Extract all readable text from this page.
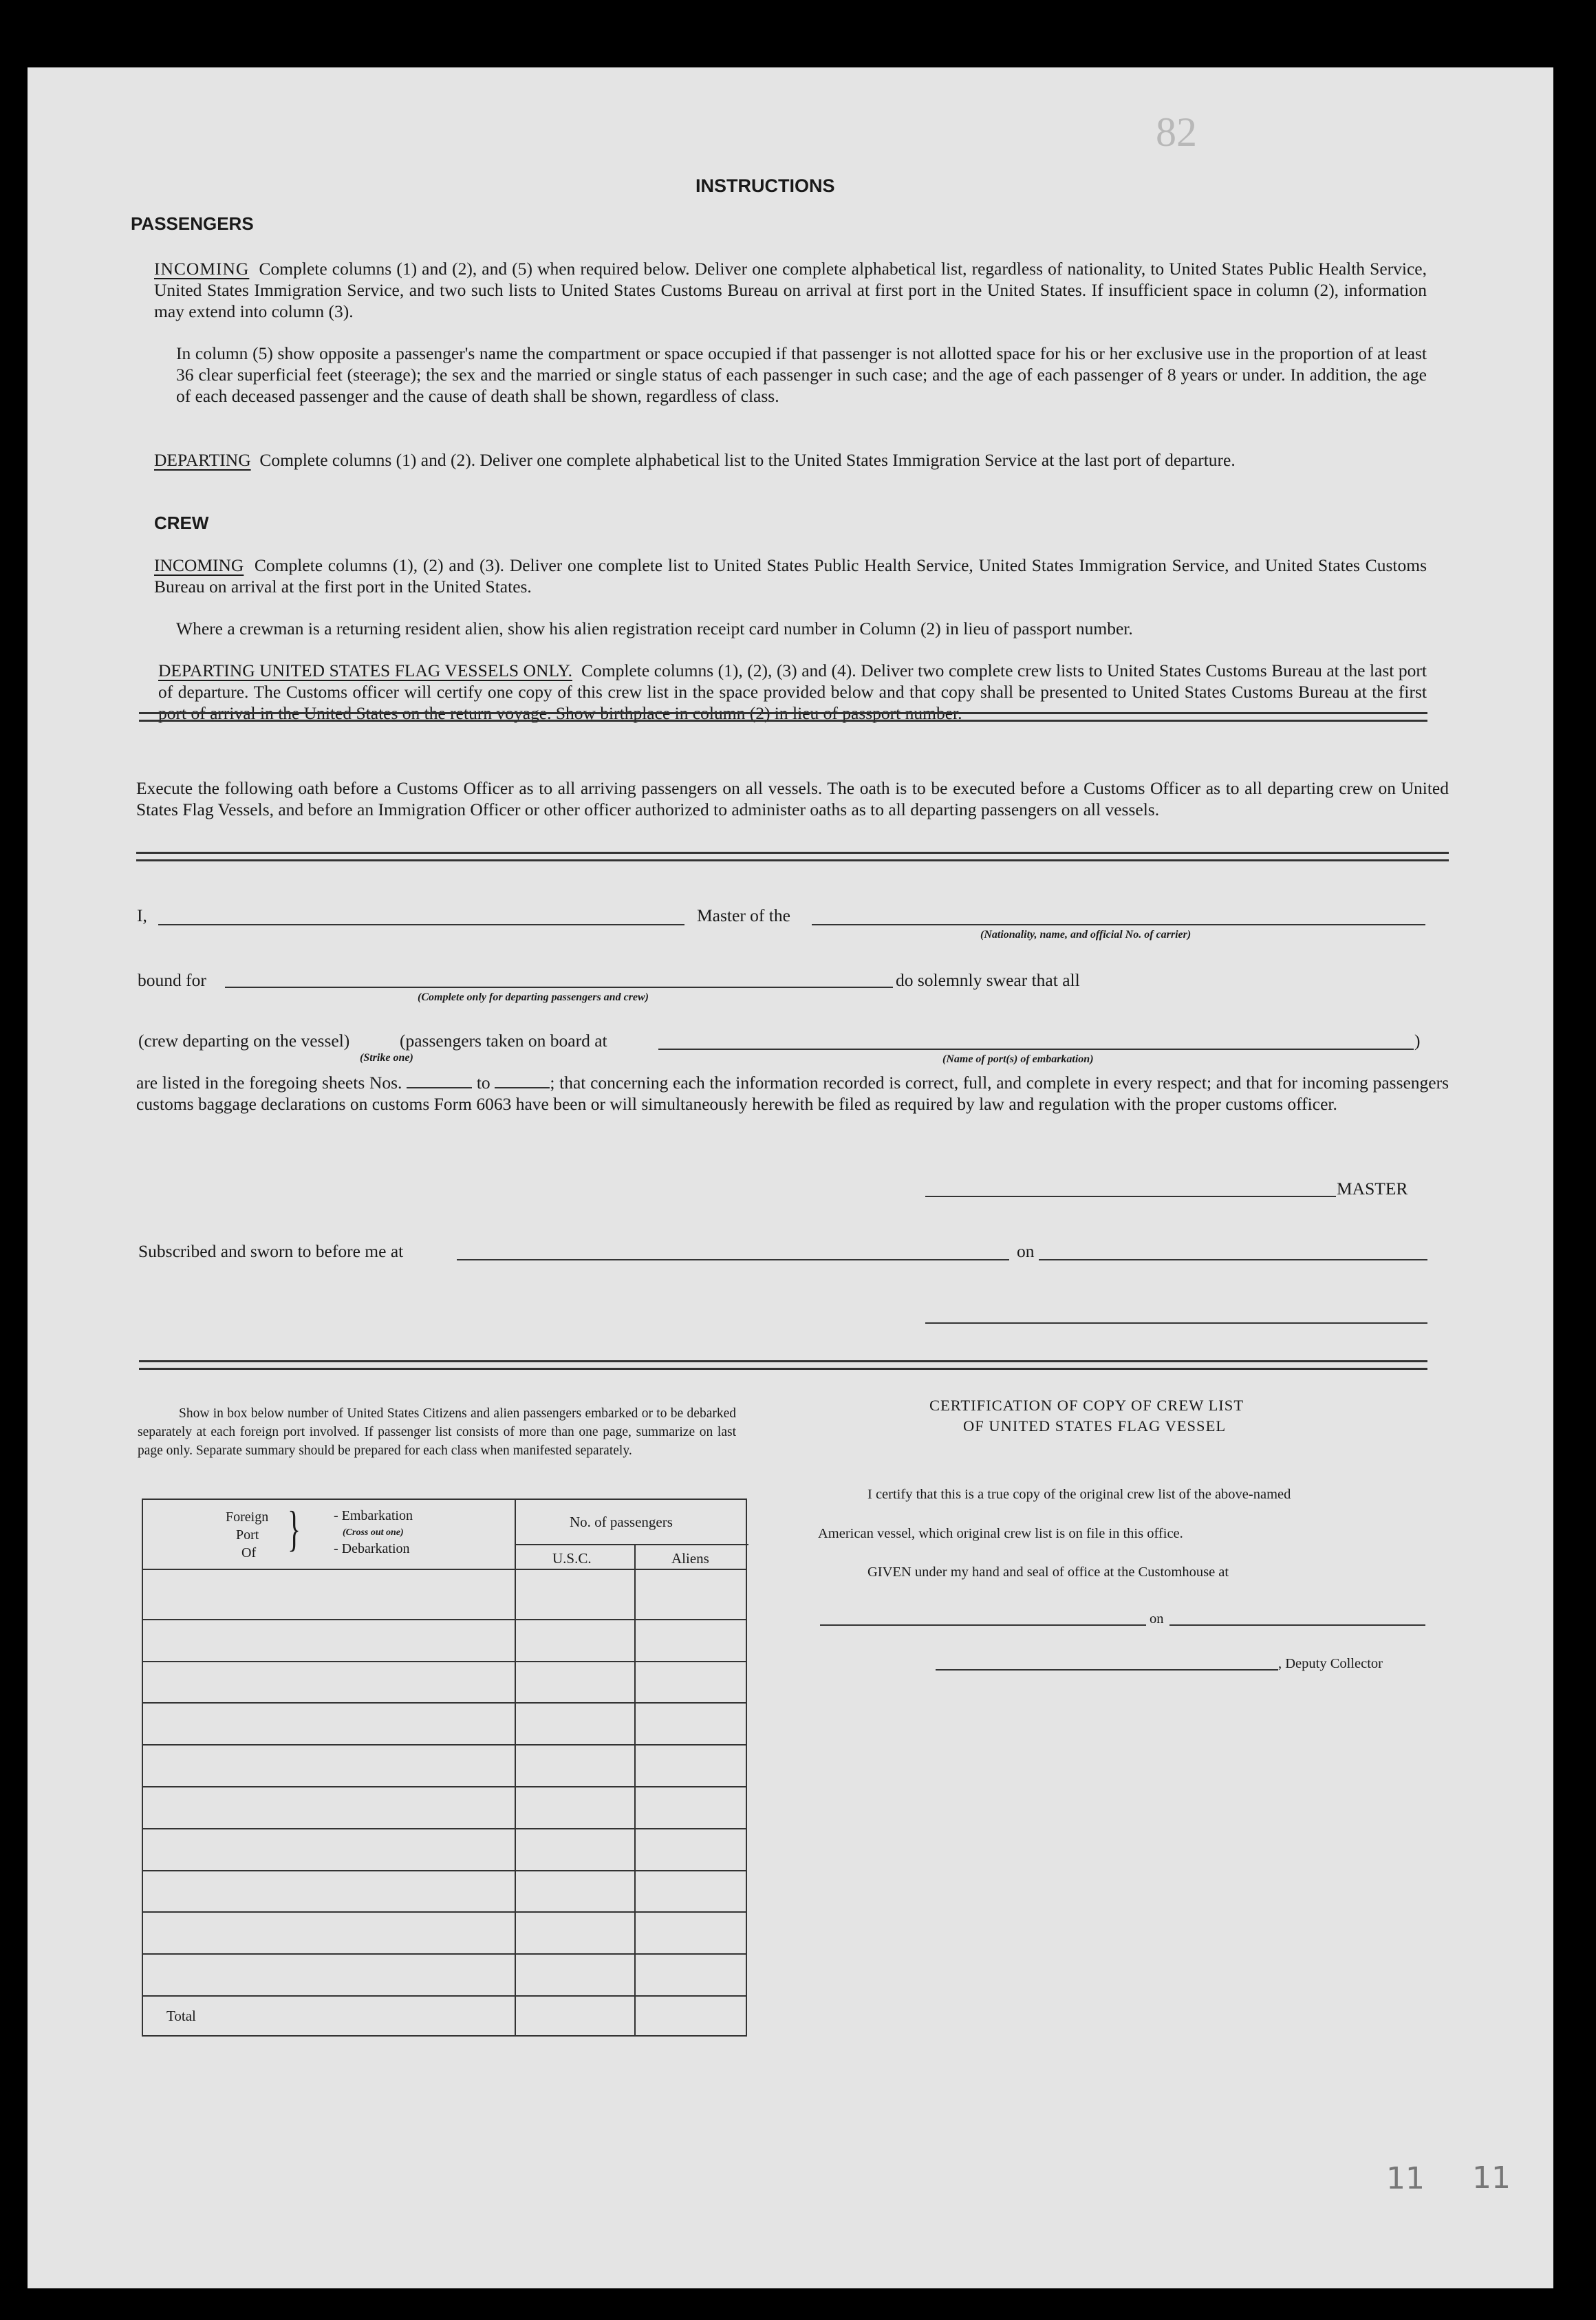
82
INSTRUCTIONS
PASSENGERS
INCOMING Complete columns (1) and (2), and (5) when required below. Deliver one complete alphabetical list, regardless of nationality, to United States Public Health Service, United States Immigration Service, and two such lists to United States Customs Bureau on arrival at first port in the United States. If insufficient space in column (2), information may extend into column (3).
In column (5) show opposite a passenger's name the compartment or space occupied if that passenger is not allotted space for his or her exclusive use in the proportion of at least 36 clear superficial feet (steerage); the sex and the married or single status of each passenger in such case; and the age of each passenger of 8 years or under. In addition, the age of each deceased passenger and the cause of death shall be shown, regardless of class.
DEPARTING Complete columns (1) and (2). Deliver one complete alphabetical list to the United States Immigration Service at the last port of departure.
CREW
INCOMING Complete columns (1), (2) and (3). Deliver one complete list to United States Public Health Service, United States Immigration Service, and United States Customs Bureau on arrival at the first port in the United States.
Where a crewman is a returning resident alien, show his alien registration receipt card number in Column (2) in lieu of passport number.
DEPARTING UNITED STATES FLAG VESSELS ONLY. Complete columns (1), (2), (3) and (4). Deliver two complete crew lists to United States Customs Bureau at the last port of departure. The Customs officer will certify one copy of this crew list in the space provided below and that copy shall be presented to United States Customs Bureau at the first port of arrival in the United States on the return voyage. Show birthplace in column (2) in lieu of passport number.
Execute the following oath before a Customs Officer as to all arriving passengers on all vessels. The oath is to be executed before a Customs Officer as to all departing crew on United States Flag Vessels, and before an Immigration Officer or other officer authorized to administer oaths as to all departing passengers on all vessels.
I,	Master of the
(Nationality, name, and official No. of carrier)
bound for
(Complete only for departing passengers and crew)
do solemnly swear that all
(crew departing on the vessel)
(Strike one)
(passengers taken on board at	)
(Name of port(s) of embarkation)
are listed in the foregoing sheets Nos.	to	; that concerning each the information recorded is correct, full, and complete in every respect; and that for incoming passengers customs baggage declarations on customs Form 6063 have been or will simultaneously herewith be filed as required by law and regulation with the proper customs officer.
MASTER
Subscribed and sworn to before me at	on
Show in box below number of United States Citizens and alien passengers embarked or to be debarked separately at each foreign port involved. If passenger list consists of more than one page, summarize on last page only. Separate summary should be prepared for each class when manifested separately.
Foreign
Port
Of } - Embarkation
(Cross out one)
- Debarkation
No. of passengers
U.S.C.	Aliens
Total
CERTIFICATION OF COPY OF CREW LIST
OF UNITED STATES FLAG VESSEL
I certify that this is a true copy of the original crew list of the above-named
American vessel, which original crew list is on file in this office.
GIVEN under my hand and seal of office at the Customhouse at
on
, Deputy Collector
11 11
